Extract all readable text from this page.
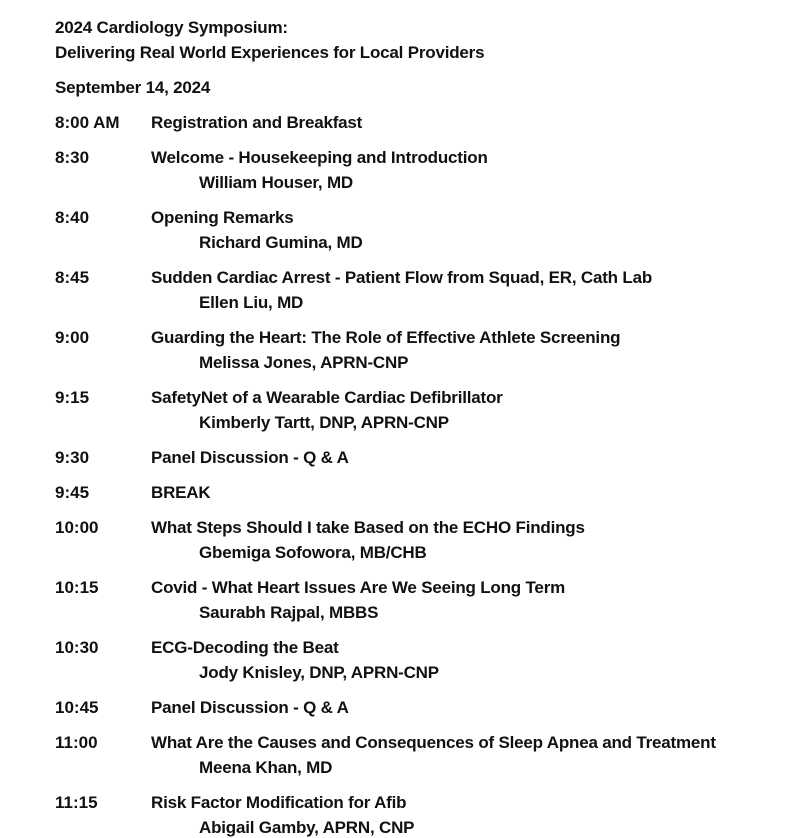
2024 Cardiology Symposium:
Delivering Real World Experiences for Local Providers
September 14, 2024
8:00 AM Registration and Breakfast
8:30	Welcome - Housekeeping and Introduction
William Houser, MD
8:40	Opening Remarks
Richard Gumina, MD
8:45	Sudden Cardiac Arrest - Patient Flow from Squad, ER, Cath Lab
Ellen Liu, MD
9:00	Guarding the Heart: The Role of Effective Athlete Screening
Melissa Jones, APRN-CNP
9:15	SafetyNet of a Wearable Cardiac Defibrillator
Kimberly Tartt, DNP, APRN-CNP
9:30	Panel Discussion - Q & A
9:45	BREAK
10:00	What Steps Should I take Based on the ECHO Findings
Gbemiga Sofowora, MB/CHB
10:15	Covid - What Heart Issues Are We Seeing Long Term
Saurabh Rajpal, MBBS
10:30	ECG-Decoding the Beat
Jody Knisley, DNP, APRN-CNP
10:45	Panel Discussion - Q & A
11:00	What Are the Causes and Consequences of Sleep Apnea and Treatment
Meena Khan, MD
11:15	Risk Factor Modification for Afib
Abigail Gamby, APRN, CNP
